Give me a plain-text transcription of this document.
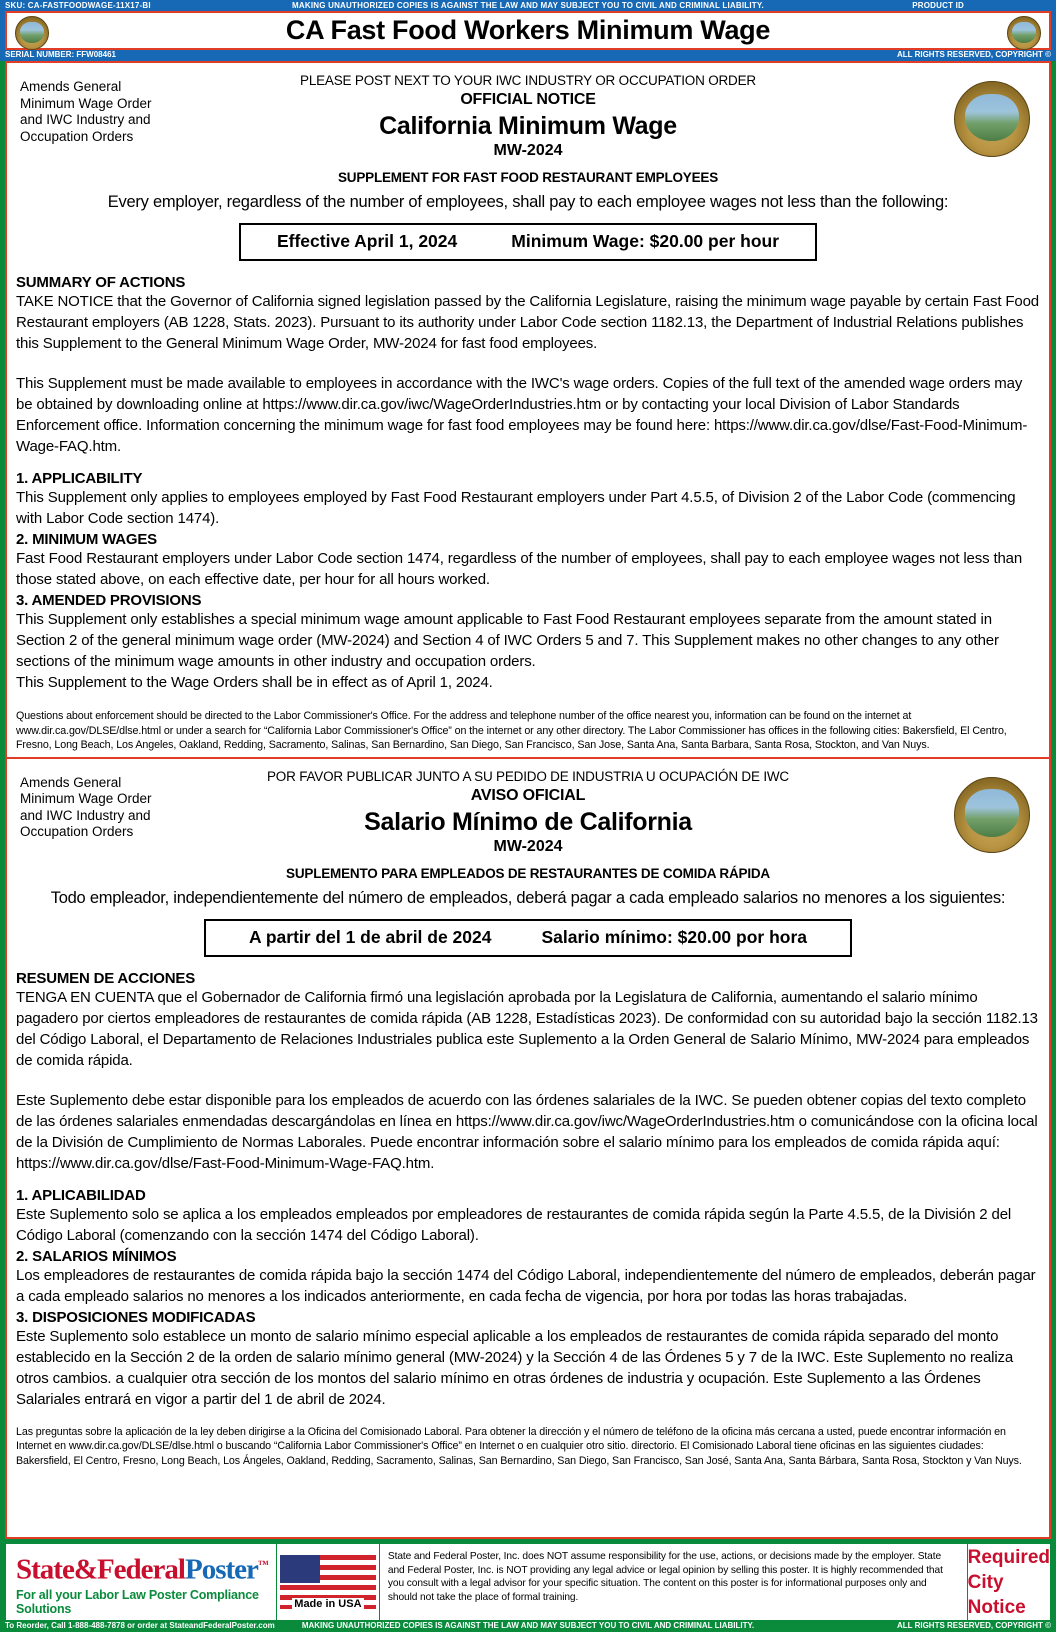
SKU: CA-FASTFOODWAGE-11X17-BI	MAKING UNAUTHORIZED COPIES IS AGAINST THE LAW AND MAY SUBJECT YOU TO CIVIL AND CRIMINAL LIABILITY.	PRODUCT ID
CA Fast Food Workers Minimum Wage
SERIAL NUMBER: FFW08461	ALL RIGHTS RESERVED, COPYRIGHT ©
Amends General Minimum Wage Order and IWC Industry and Occupation Orders
PLEASE POST NEXT TO YOUR IWC INDUSTRY OR OCCUPATION ORDER
OFFICIAL NOTICE
California Minimum Wage
MW-2024
SUPPLEMENT FOR FAST FOOD RESTAURANT EMPLOYEES
Every employer, regardless of the number of employees, shall pay to each employee wages not less than the following:
Effective April 1, 2024	Minimum Wage: $20.00 per hour
SUMMARY OF ACTIONS
TAKE NOTICE that the Governor of California signed legislation passed by the California Legislature, raising the minimum wage payable by certain Fast Food Restaurant employers (AB 1228, Stats. 2023). Pursuant to its authority under Labor Code section 1182.13, the Department of Industrial Relations publishes this Supplement to the General Minimum Wage Order, MW-2024 for fast food employees.
This Supplement must be made available to employees in accordance with the IWC's wage orders. Copies of the full text of the amended wage orders may be obtained by downloading online at https://www.dir.ca.gov/iwc/WageOrderIndustries.htm or by contacting your local Division of Labor Standards Enforcement office. Information concerning the minimum wage for fast food employees may be found here: https://www.dir.ca.gov/dlse/Fast-Food-Minimum-Wage-FAQ.htm.
1. APPLICABILITY
This Supplement only applies to employees employed by Fast Food Restaurant employers under Part 4.5.5, of Division 2 of the Labor Code (commencing with Labor Code section 1474).
2. MINIMUM WAGES
Fast Food Restaurant employers under Labor Code section 1474, regardless of the number of employees, shall pay to each employee wages not less than those stated above, on each effective date, per hour for all hours worked.
3. AMENDED PROVISIONS
This Supplement only establishes a special minimum wage amount applicable to Fast Food Restaurant employees separate from the amount stated in Section 2 of the general minimum wage order (MW-2024) and Section 4 of IWC Orders 5 and 7. This Supplement makes no other changes to any other sections of the minimum wage amounts in other industry and occupation orders.
This Supplement to the Wage Orders shall be in effect as of April 1, 2024.
Questions about enforcement should be directed to the Labor Commissioner's Office. For the address and telephone number of the office nearest you, information can be found on the internet at www.dir.ca.gov/DLSE/dlse.html or under a search for “California Labor Commissioner's Office” on the internet or any other directory. The Labor Commissioner has offices in the following cities: Bakersfield, El Centro, Fresno, Long Beach, Los Angeles, Oakland, Redding, Sacramento, Salinas, San Bernardino, San Diego, San Francisco, San Jose, Santa Ana, Santa Barbara, Santa Rosa, Stockton, and Van Nuys.
Amends General Minimum Wage Order and IWC Industry and Occupation Orders
POR FAVOR PUBLICAR JUNTO A SU PEDIDO DE INDUSTRIA U OCUPACIÓN DE IWC
AVISO OFICIAL
Salario Mínimo de California
MW-2024
SUPLEMENTO PARA EMPLEADOS DE RESTAURANTES DE COMIDA RÁPIDA
Todo empleador, independientemente del número de empleados, deberá pagar a cada empleado salarios no menores a los siguientes:
A partir del 1 de abril de 2024	Salario mínimo: $20.00 por hora
RESUMEN DE ACCIONES
TENGA EN CUENTA que el Gobernador de California firmó una legislación aprobada por la Legislatura de California, aumentando el salario mínimo pagadero por ciertos empleadores de restaurantes de comida rápida (AB 1228, Estadísticas 2023). De conformidad con su autoridad bajo la sección 1182.13 del Código Laboral, el Departamento de Relaciones Industriales publica este Suplemento a la Orden General de Salario Mínimo, MW-2024 para empleados de comida rápida.
Este Suplemento debe estar disponible para los empleados de acuerdo con las órdenes salariales de la IWC. Se pueden obtener copias del texto completo de las órdenes salariales enmendadas descargándolas en línea en https://www.dir.ca.gov/iwc/WageOrderIndustries.htm o comunicándose con la oficina local de la División de Cumplimiento de Normas Laborales. Puede encontrar información sobre el salario mínimo para los empleados de comida rápida aquí: https://www.dir.ca.gov/dlse/Fast-Food-Minimum-Wage-FAQ.htm.
1. APLICABILIDAD
Este Suplemento solo se aplica a los empleados empleados por empleadores de restaurantes de comida rápida según la Parte 4.5.5, de la División 2 del Código Laboral (comenzando con la sección 1474 del Código Laboral).
2. SALARIOS MÍNIMOS
Los empleadores de restaurantes de comida rápida bajo la sección 1474 del Código Laboral, independientemente del número de empleados, deberán pagar a cada empleado salarios no menores a los indicados anteriormente, en cada fecha de vigencia, por hora por todas las horas trabajadas.
3. DISPOSICIONES MODIFICADAS
Este Suplemento solo establece un monto de salario mínimo especial aplicable a los empleados de restaurantes de comida rápida separado del monto establecido en la Sección 2 de la orden de salario mínimo general (MW-2024) y la Sección 4 de las Órdenes 5 y 7 de la IWC. Este Suplemento no realiza otros cambios. a cualquier otra sección de los montos del salario mínimo en otras órdenes de industria y ocupación. Este Suplemento a las Órdenes Salariales entrará en vigor a partir del 1 de abril de 2024.
Las preguntas sobre la aplicación de la ley deben dirigirse a la Oficina del Comisionado Laboral. Para obtener la dirección y el número de teléfono de la oficina más cercana a usted, puede encontrar información en Internet en www.dir.ca.gov/DLSE/dlse.html o buscando “California Labor Commissioner's Office” en Internet o en cualquier otro sitio. directorio. El Comisionado Laboral tiene oficinas en las siguientes ciudades: Bakersfield, El Centro, Fresno, Long Beach, Los Ángeles, Oakland, Redding, Sacramento, Salinas, San Bernardino, San Diego, San Francisco, San José, Santa Ana, Santa Bárbara, Santa Rosa, Stockton y Van Nuys.
State&FederalPoster™
For all your Labor Law Poster Compliance Solutions	Made in USA
State and Federal Poster, Inc. does NOT assume responsibility for the use, actions, or decisions made by the employer. State and Federal Poster, Inc. is NOT providing any legal advice or legal opinion by selling this poster. It is highly recommended that you consult with a legal advisor for your specific situation. The content on this poster is for informational purposes only and should not take the place of formal training.
Required
City Notice
MAKING UNAUTHORIZED COPIES IS AGAINST THE LAW AND MAY SUBJECT YOU TO CIVIL AND CRIMINAL LIABILITY.
To Reorder, Call 1-888-488-7878 or order at StateandFederalPoster.com	ALL RIGHTS RESERVED, COPYRIGHT ©
